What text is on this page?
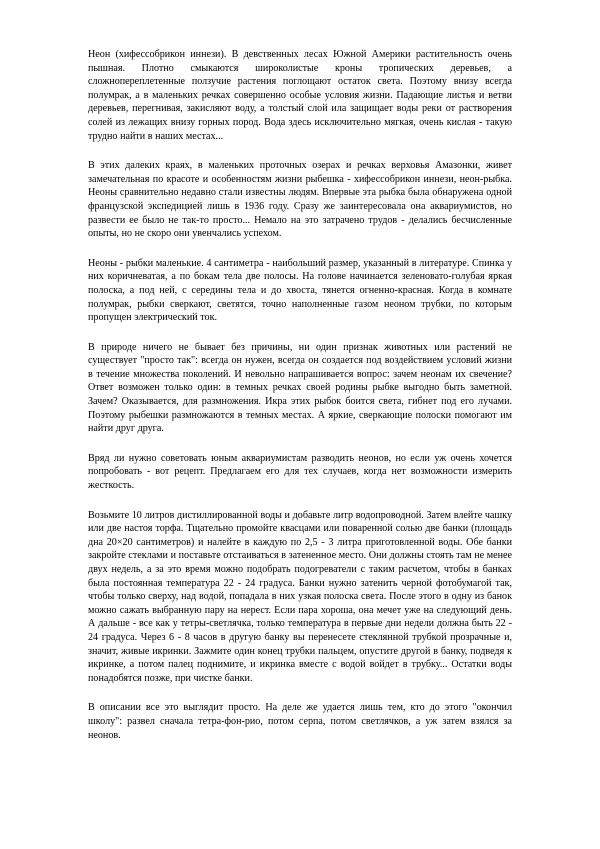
Неон (хифессобрикон иннези). В девственных лесах Южной Америки растительность очень пышная. Плотно смыкаются широколистые кроны тропических деревьев, а сложнопереплетенные ползучие растения поглощают остаток света. Поэтому внизу всегда полумрак, а в маленьких речках совершенно особые условия жизни. Падающие листья и ветви деревьев, перегнивая, закисляют воду, а толстый слой ила защищает воды реки от растворения солей из лежащих внизу горных пород. Вода здесь исключительно мягкая, очень кислая - такую трудно найти в наших местах...

В этих далеких краях, в маленьких проточных озерах и речках верховья Амазонки, живет замечательная по красоте и особенностям жизни рыбешка - хифессобрикон иннези, неон-рыбка. Неоны сравнительно недавно стали известны людям. Впервые эта рыбка была обнаружена одной французской экспедицией лишь в 1936 году. Сразу же заинтересовала она аквариумистов, но развести ее было не так-то просто... Немало на это затрачено трудов - делались бесчисленные опыты, но не скоро они увенчались успехом.

Неоны - рыбки маленькие. 4 сантиметра - наибольший размер, указанный в литературе. Спинка у них коричневатая, а по бокам тела две полосы. На голове начинается зеленовато-голубая яркая полоска, а под ней, с середины тела и до хвоста, тянется огненно-красная. Когда в комнате полумрак, рыбки сверкают, светятся, точно наполненные газом неоном трубки, по которым пропущен электрический ток.

В природе ничего не бывает без причины, ни один признак животных или растений не существует "просто так": всегда он нужен, всегда он создается под воздействием условий жизни в течение множества поколений. И невольно напрашивается вопрос: зачем неонам их свечение? Ответ возможен только один: в темных речках своей родины рыбке выгодно быть заметной. Зачем? Оказывается, для размножения. Икра этих рыбок боится света, гибнет под его лучами. Поэтому рыбешки размножаются в темных местах. А яркие, сверкающие полоски помогают им найти друг друга.

Вряд ли нужно советовать юным аквариумистам разводить неонов, но если уж очень хочется попробовать - вот рецепт. Предлагаем его для тех случаев, когда нет возможности измерить жесткость.

Возьмите 10 литров дистиллированной воды и добавьте литр водопроводной. Затем влейте чашку или две настоя торфа. Тщательно промойте квасцами или поваренной солью две банки (площадь дна 20×20 сантиметров) и налейте в каждую по 2,5 - 3 литра приготовленной воды. Обе банки закройте стеклами и поставьте отстаиваться в затененное место. Они должны стоять там не менее двух недель, а за это время можно подобрать подогреватели с таким расчетом, чтобы в банках была постоянная температура 22 - 24 градуса. Банки нужно затенить черной фотобумагой так, чтобы только сверху, над водой, попадала в них узкая полоска света. После этого в одну из банок можно сажать выбранную пару на нерест. Если пара хороша, она мечет уже на следующий день. А дальше - все как у тетры-светлячка, только температура в первые дни недели должна быть 22 - 24 градуса. Через 6 - 8 часов в другую банку вы перенесете стеклянной трубкой прозрачные и, значит, живые икринки. Зажмите один конец трубки пальцем, опустите другой в банку, подведя к икринке, а потом палец поднимите, и икринка вместе с водой войдет в трубку... Остатки воды понадобятся позже, при чистке банки.

В описании все это выглядит просто. На деле же удается лишь тем, кто до этого "окончил школу": развел сначала тетра-фон-рио, потом серпа, потом светлячков, а уж затем взялся за неонов.
